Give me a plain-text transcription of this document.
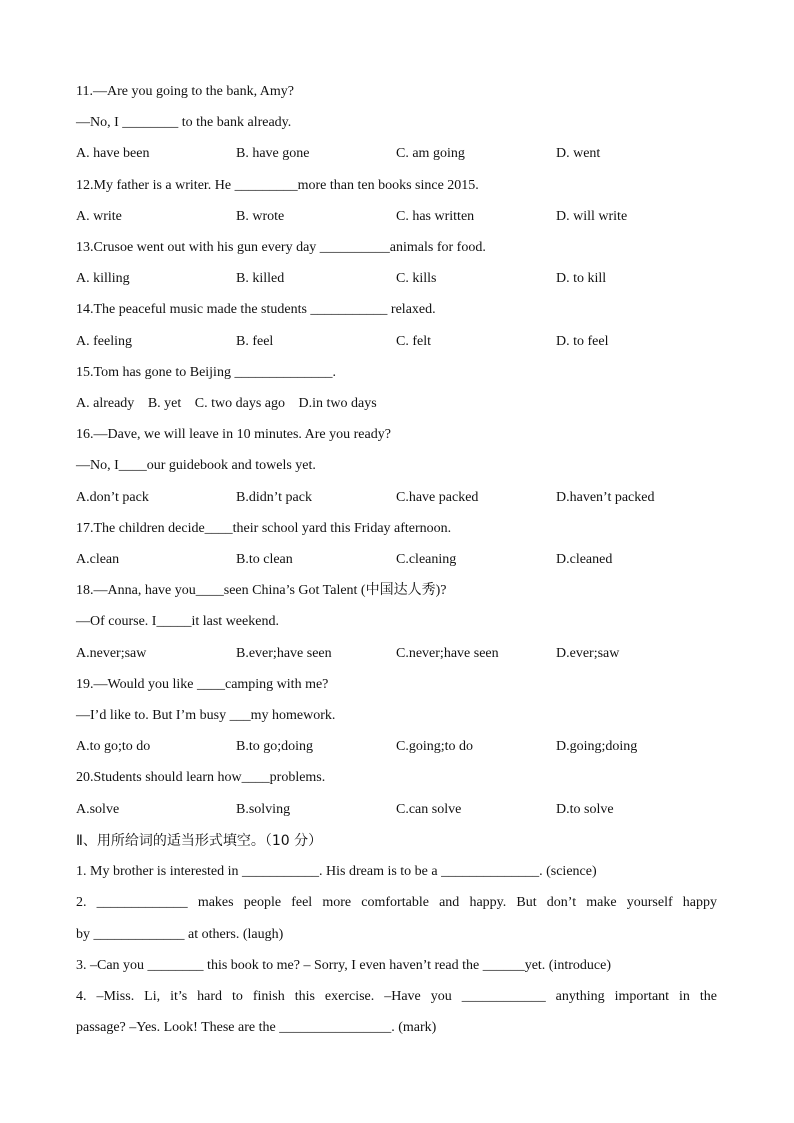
11.—Are you going to the bank, Amy?
—No, I ________ to the bank already.
A. have been	B. have gone	C. am going	D. went
12.My father is a writer. He _________more than ten books since 2015.
A. write	B. wrote	C. has written	D. will write
13.Crusoe went out with his gun every day __________animals for food.
A. killing	B. killed	C. kills	D. to kill
14.The peaceful music made the students ___________ relaxed.
A. feeling	B. feel	C. felt	D. to feel
15.Tom has gone to Beijing ______________.
A. already B. yet C. two days ago D.in two days
16.—Dave, we will leave in 10 minutes. Are you ready?
—No, I____our guidebook and towels yet.
A.don’t pack	B.didn’t pack	C.have packed	D.haven’t packed
17.The children decide____their school yard this Friday afternoon.
A.clean	B.to clean	C.cleaning	D.cleaned
18.—Anna, have you____seen China’s Got Talent (中国达人秀)?
—Of course. I_____it last weekend.
A.never;saw	B.ever;have seen	C.never;have seen	D.ever;saw
19.—Would you like ____camping with me?
—I’d like to. But I’m busy ___my homework.
A.to go;to do	B.to go;doing	C.going;to do	D.going;doing
20.Students should learn how____problems.
A.solve	B.solving	C.can solve	D.to solve
Ⅱ、用所给词的适当形式填空。（10 分）
1. My brother is interested in ___________. His dream is to be a ______________. (science)
2. _____________ makes people feel more comfortable and happy. But don’t make yourself happy
by _____________ at others. (laugh)
3. –Can you ________ this book to me? – Sorry, I even haven’t read the ______yet. (introduce)
4. –Miss. Li, it’s hard to finish this exercise. –Have you ____________ anything important in the
passage? –Yes. Look! These are the ________________. (mark)
